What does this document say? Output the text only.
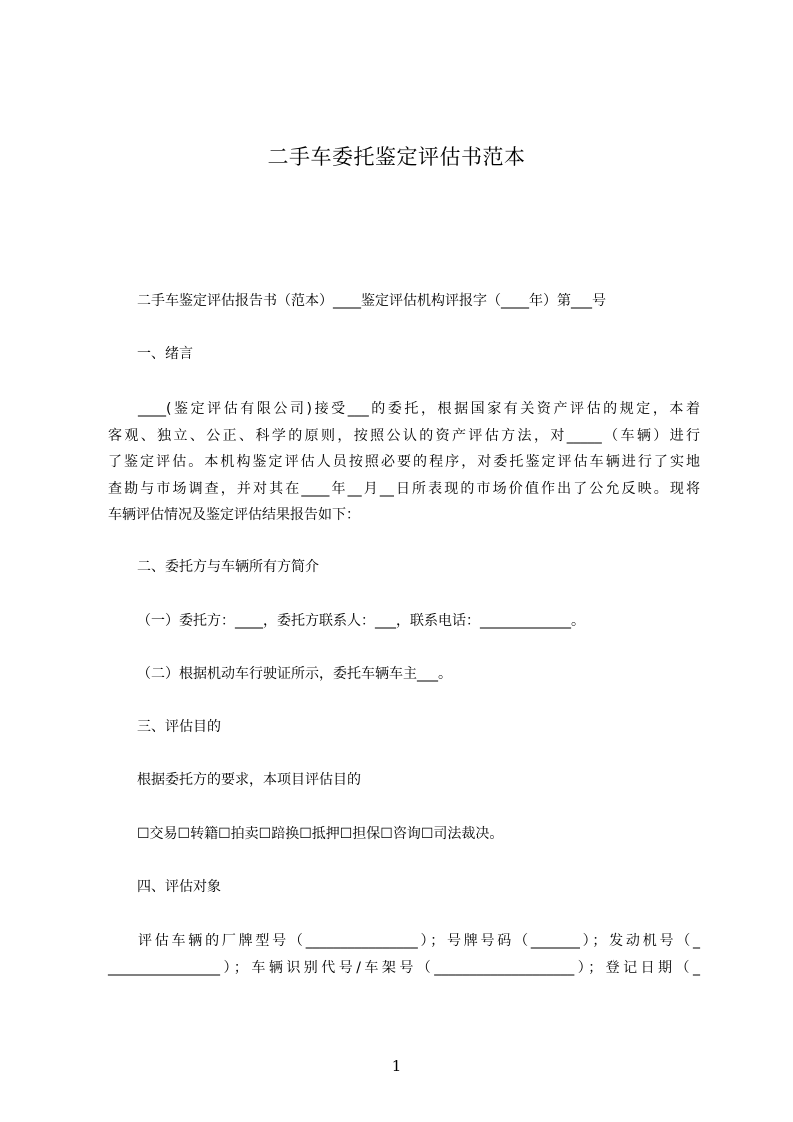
二手车委托鉴定评估书范本
二手车鉴定评估报告书（范本）____鉴定评估机构评报字（____年）第___号
一、绪言
____(鉴定评估有限公司)接受___的委托，根据国家有关资产评估的规定，本着
客观、独立、公正、科学的原则，按照公认的资产评估方法，对_____（车辆）进行
了鉴定评估。本机构鉴定评估人员按照必要的程序，对委托鉴定评估车辆进行了实地
查勘与市场调查，并对其在____年__月__日所表现的市场价值作出了公允反映。现将
车辆评估情况及鉴定评估结果报告如下：
二、委托方与车辆所有方简介
（一）委托方：____，委托方联系人：___，联系电话：_____________。
（二）根据机动车行驶证所示，委托车辆车主___。
三、评估目的
根据委托方的要求，本项目评估目的
☐交易☐转籍☐拍卖☐踣换☐抵押☐担保☐咨询☐司法裁决。
四、评估对象
评估车辆的厂牌型号（________________）；号牌号码（_______）；发动机号（_
________________）；车辆识别代号/车架号（____________________）；登记日期（_
1
